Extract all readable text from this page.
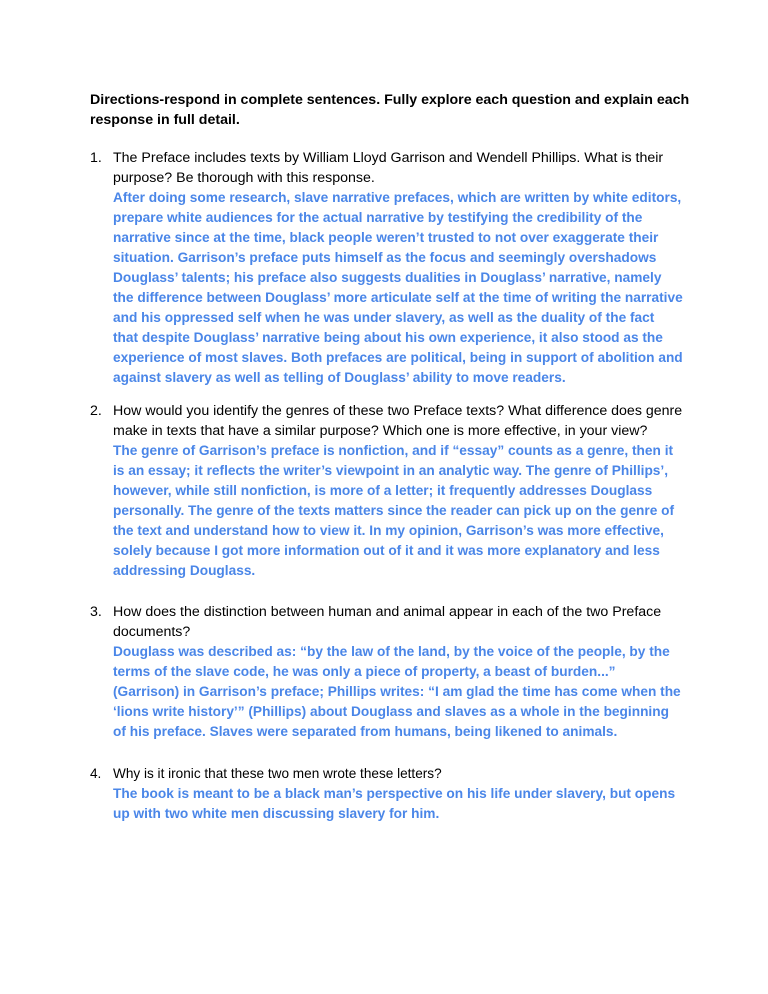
Directions-respond in complete sentences. Fully explore each question and explain each response in full detail.

1. The Preface includes texts by William Lloyd Garrison and Wendell Phillips. What is their purpose? Be thorough with this response.

After doing some research, slave narrative prefaces, which are written by white editors, prepare white audiences for the actual narrative by testifying the credibility of the narrative since at the time, black people weren’t trusted to not over exaggerate their situation. Garrison’s preface puts himself as the focus and seemingly overshadows Douglass’ talents; his preface also suggests dualities in Douglass’ narrative, namely the difference between Douglass’ more articulate self at the time of writing the narrative and his oppressed self when he was under slavery, as well as the duality of the fact that despite Douglass’ narrative being about his own experience, it also stood as the experience of most slaves. Both prefaces are political, being in support of abolition and against slavery as well as telling of Douglass’ ability to move readers.

2. How would you identify the genres of these two Preface texts? What difference does genre make in texts that have a similar purpose? Which one is more effective, in your view?

The genre of Garrison’s preface is nonfiction, and if “essay” counts as a genre, then it is an essay; it reflects the writer’s viewpoint in an analytic way. The genre of Phillips’, however, while still nonfiction, is more of a letter; it frequently addresses Douglass personally. The genre of the texts matters since the reader can pick up on the genre of the text and understand how to view it. In my opinion, Garrison’s was more effective, solely because I got more information out of it and it was more explanatory and less addressing Douglass.

3. How does the distinction between human and animal appear in each of the two Preface documents?

Douglass was described as: “by the law of the land, by the voice of the people, by the terms of the slave code, he was only a piece of property, a beast of burden...” (Garrison) in Garrison’s preface; Phillips writes: “I am glad the time has come when the ‘lions write history’” (Phillips) about Douglass and slaves as a whole in the beginning of his preface. Slaves were separated from humans, being likened to animals.

4. Why is it ironic that these two men wrote these letters?

The book is meant to be a black man’s perspective on his life under slavery, but opens up with two white men discussing slavery for him.
